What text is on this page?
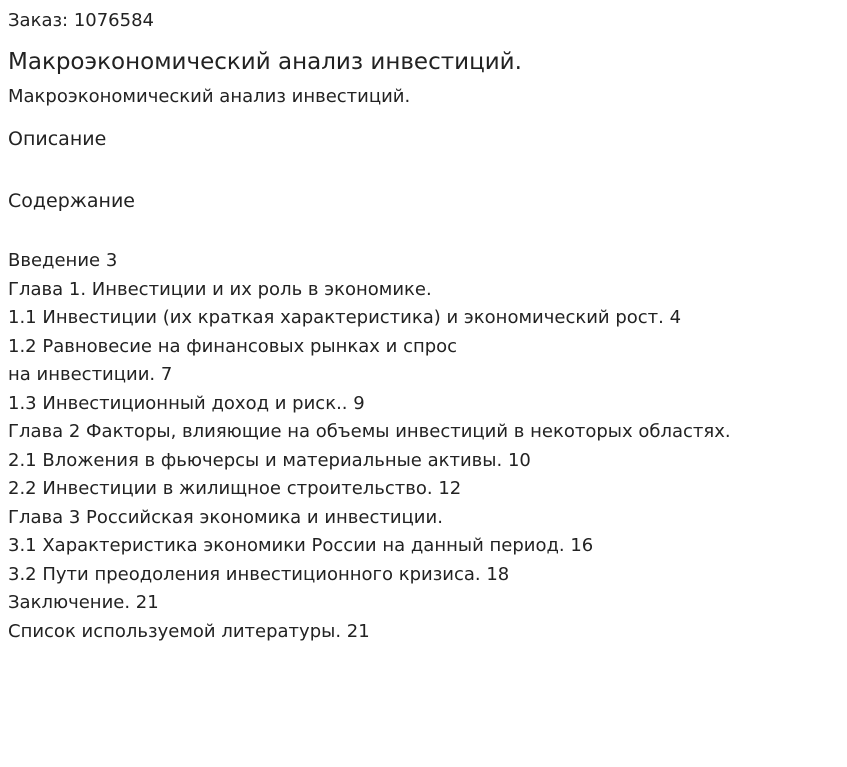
Заказ: 1076584

Макроэкономический анализ инвестиций.

Макроэкономический анализ инвестиций.

Описание
Содержание
Введение 3
Глава 1. Инвестиции и их роль в экономике.
1.1 Инвестиции (их краткая характеристика) и экономический рост. 4
1.2 Равновесие на финансовых рынках и спрос
на инвестиции. 7
1.3 Инвестиционный доход и риск.. 9
Глава 2 Факторы, влияющие на объемы инвестиций в некоторых областях.
2.1 Вложения в фьючерсы и материальные активы. 10
2.2 Инвестиции в жилищное строительство. 12
Глава 3 Российская экономика и инвестиции.
3.1 Характеристика экономики России на данный период. 16
3.2 Пути преодоления инвестиционного кризиса. 18
Заключение. 21
Список используемой литературы. 21
